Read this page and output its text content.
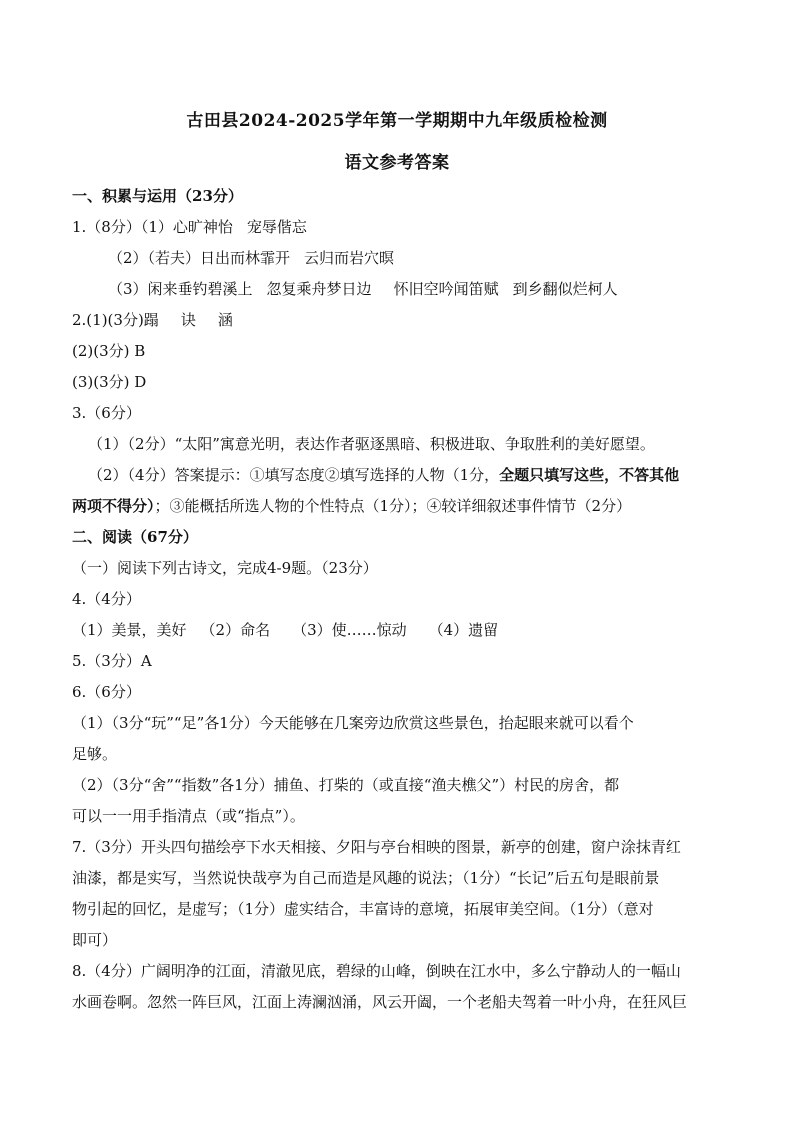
古田县2024-2025学年第一学期期中九年级质检检测
语文参考答案
一、积累与运用（23分）
1.（8分）（1）心旷神怡 宠辱偕忘
（2）（若夫）日出而林霏开 云归而岩穴暝
（3）闲来垂钓碧溪上 忽复乘舟梦日边 怀旧空吟闻笛赋 到乡翻似烂柯人
2.(1)(3分)蹋 诀 涵
(2)(3分) B
(3)(3分) D
3.（6分）
（1）（2分）“太阳”寓意光明，表达作者驱逐黑暗、积极进取、争取胜利的美好愿望。
（2）（4分）答案提示：①填写态度②填写选择的人物（1分，全题只填写这些，不答其他
两项不得分）；③能概括所选人物的个性特点（1分）；④较详细叙述事件情节（2分）
二、阅读（67分）
（一）阅读下列古诗文，完成4-9题。（23分）
4.（4分）
（1）美景，美好 （2）命名 （3）使……惊动 （4）遗留
5.（3分）A
6.（6分）
（1）（3分“玩”“足”各1分）今天能够在几案旁边欣赏这些景色，抬起眼来就可以看个
足够。
（2）（3分“舍”“指数”各1分）捕鱼、打柴的（或直接“渔夫樵父”）村民的房舍，都
可以一一用手指清点（或“指点”）。
7.（3分）开头四句描绘亭下水天相接、夕阳与亭台相映的图景，新亭的创建，窗户涂抹青红
油漆，都是实写，当然说快哉亭为自己而造是风趣的说法；（1分）“长记”后五句是眼前景
物引起的回忆，是虚写；（1分）虚实结合，丰富诗的意境，拓展审美空间。（1分）（意对
即可）
8.（4分）广阔明净的江面，清澈见底，碧绿的山峰，倒映在江水中，多么宁静动人的一幅山
水画卷啊。忽然一阵巨风，江面上涛澜汹涌，风云开阖，一个老船夫驾着一叶小舟，在狂风巨
